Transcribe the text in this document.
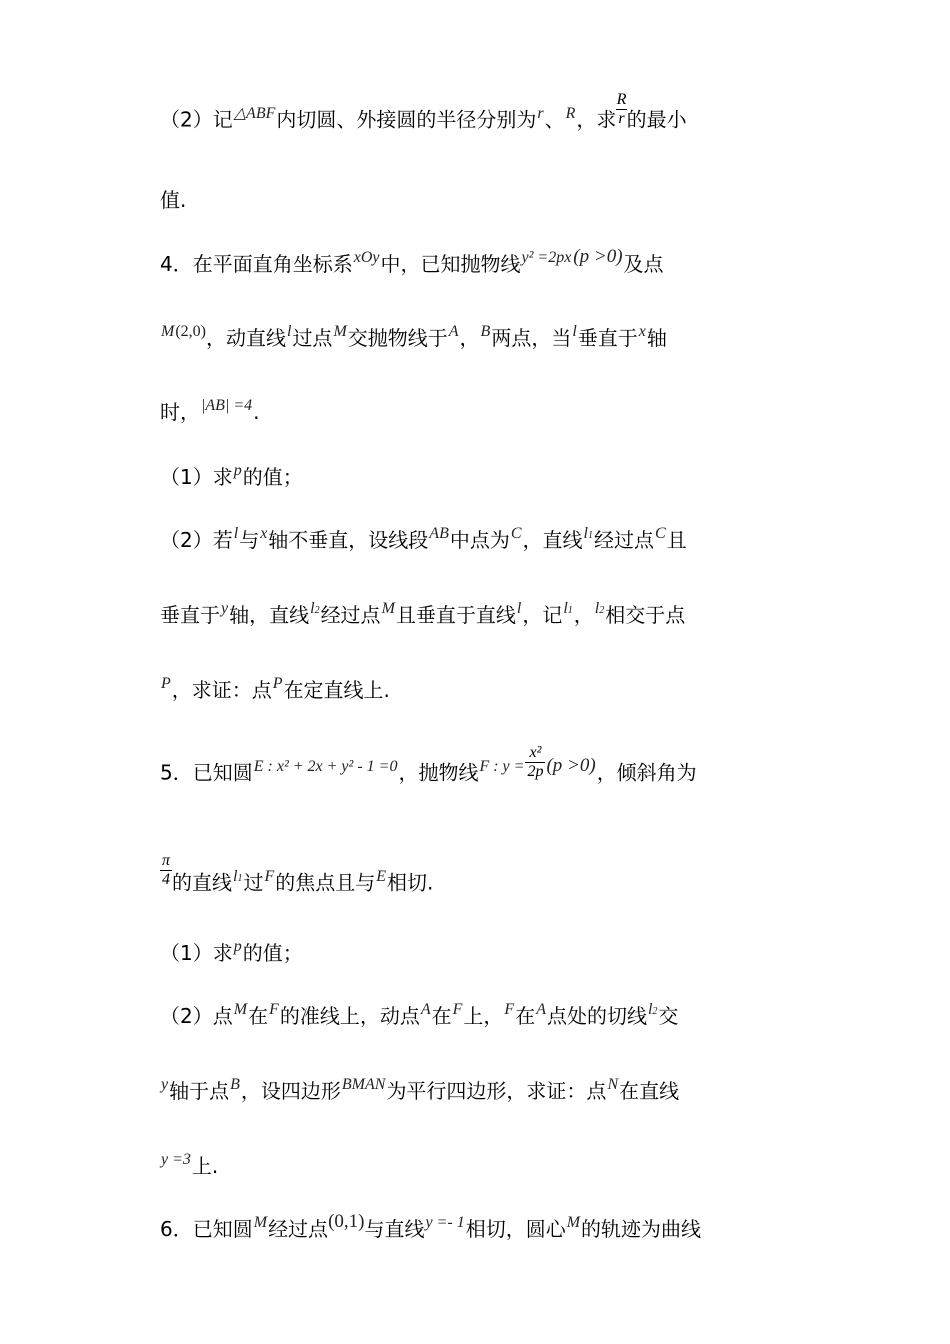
（2）记$^{\triangle ABF}$内切圆、外接圆的半径分别为$^r$、$^R$，求 $\frac{R}{r}$ 的最小
值.
4．在平面直角坐标系$^{xOy}$中，已知抛物线$^{y^2 =2px}$ (p >0)及点
$^{M(2,0)}$，动直线$^l$过点$^M$交抛物线于$^A$，$^B$两点，当$^l$垂直于$^x$轴
时，$^{|AB| =4}$.
（1）求$^p$的值；
（2）若$^l$与$^x$轴不垂直，设线段$^{AB}$中点为$^C$，直线$^{l1}$经过点$^C$且
垂直于$^y$轴，直线$^{l2}$经过点$^M$且垂直于直线$^l$，记$^{l1}$，$^{l2}$相交于点
$^P$，求证：点$^P$在定直线上.
5．已知圆$^{E : x^2 + 2x + y^2 - 1 =0}$，抛物线$^{F : y =} \frac{\text{x²}}{2p} (p >0)$，倾斜角为
$\frac{\pi}{4}$ 的直线$^{l1}$过$^F$的焦点且与$^E$相切.
（1）求$^p$的值；
（2）点$^M$在$^F$的准线上，动点$^A$在$^F$上，$^F$在$^A$点处的切线$^{l2}$交
$^y$轴于点$^B$，设四边形$^{BMAN}$为平行四边形，求证：点$^N$在直线
$^{y =3}$上.
6．已知圆$^M$经过点(0,1)与直线$^{y =- 1}$相切，圆心$^M$的轨迹为曲线
